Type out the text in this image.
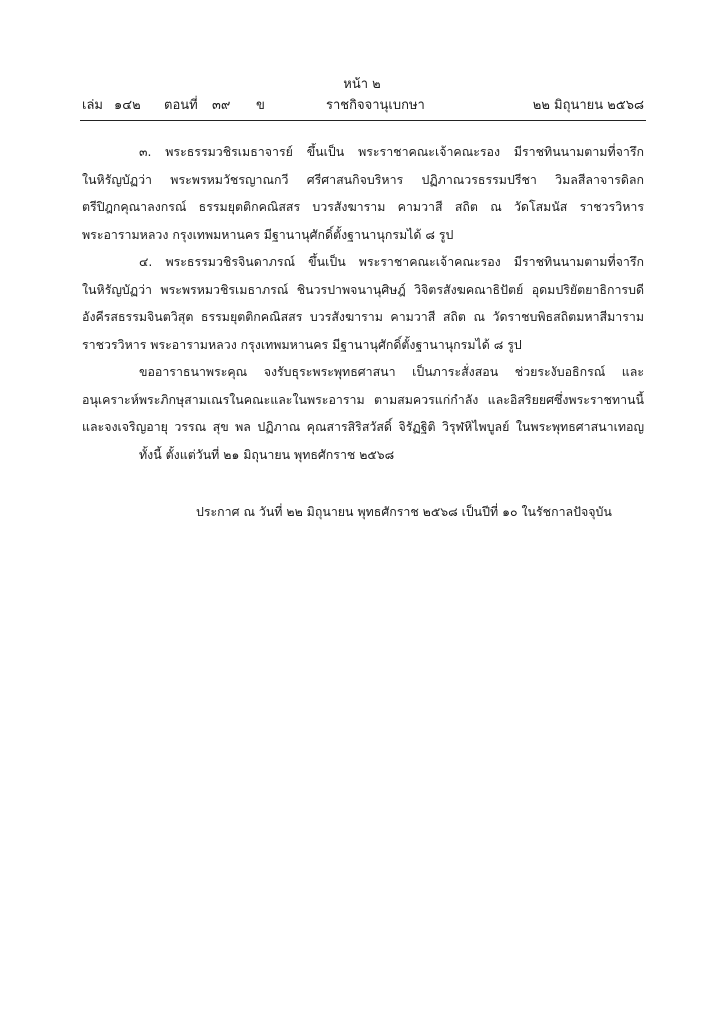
หน้า ๒
เล่ม ๑๔๒ ตอนที่ ๓๙ ข	ราชกิจจานุเบกษา	๒๒ มิถุนายน ๒๕๖๘

๓. พระธรรมวชิรเมธาจารย์ ขึ้นเป็น พระราชาคณะเจ้าคณะรอง มีราชทินนามตามที่จารึก
ในหิรัญบัฏว่า พระพรหมวัชรญาณกวี ศรีศาสนกิจบริหาร ปฏิภาณวรธรรมปรีชา วิมลสีลาจารดิลก
ตรีปิฎกคุณาลงกรณ์ ธรรมยุตติกคณิสสร บวรสังฆาราม คามวาสี สถิต ณ วัดโสมนัส ราชวรวิหาร
พระอารามหลวง กรุงเทพมหานคร มีฐานานุศักดิ์ตั้งฐานานุกรมได้ ๘ รูป

๔. พระธรรมวชิรจินดาภรณ์ ขึ้นเป็น พระราชาคณะเจ้าคณะรอง มีราชทินนามตามที่จารึก
ในหิรัญบัฏว่า พระพรหมวชิรเมธาภรณ์ ชินวรปาพจนานุศิษฎ์ วิจิตรสังฆคณาธิปัตย์ อุดมปริยัตยาธิการบดี
อังคีรสธรรมจินตวิสุต ธรรมยุตติกคณิสสร บวรสังฆาราม คามวาสี สถิต ณ วัดราชบพิธสถิตมหาสีมาราม
ราชวรวิหาร พระอารามหลวง กรุงเทพมหานคร มีฐานานุศักดิ์ตั้งฐานานุกรมได้ ๘ รูป

ขออาราธนาพระคุณ จงรับธุระพระพุทธศาสนา เป็นภาระสั่งสอน ช่วยระงับอธิกรณ์ และ
อนุเคราะห์พระภิกษุสามเณรในคณะและในพระอาราม ตามสมควรแก่กำลัง และอิสริยยศซึ่งพระราชทานนี้
และจงเจริญอายุ วรรณ สุข พล ปฏิภาณ คุณสารสิริสวัสดิ์ จิรัฏฐิติ วิรุฬหิไพบูลย์ ในพระพุทธศาสนาเทอญ

ทั้งนี้ ตั้งแต่วันที่ ๒๑ มิถุนายน พุทธศักราช ๒๕๖๘

ประกาศ ณ วันที่ ๒๒ มิถุนายน พุทธศักราช ๒๕๖๘ เป็นปีที่ ๑๐ ในรัชกาลปัจจุบัน
